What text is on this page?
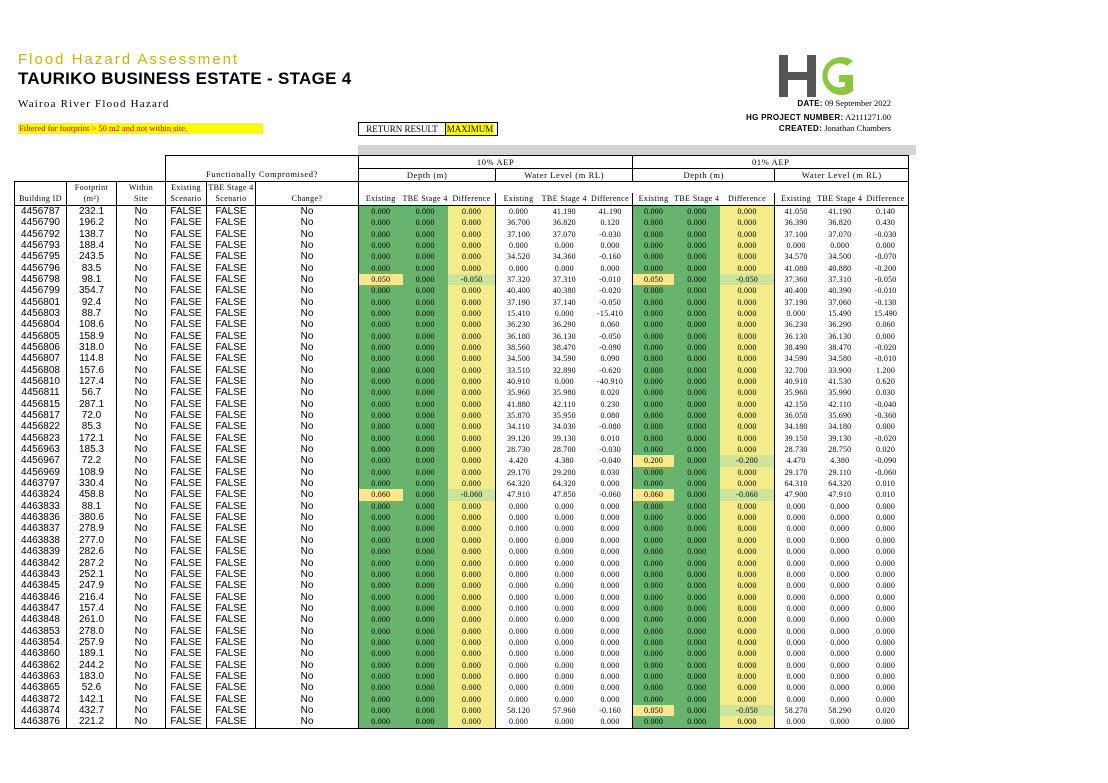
Flood Hazard Assessment
TAURIKO BUSINESS ESTATE - STAGE 4
Wairoa River Flood Hazard
Filtered for footprint > 50 m2 and not within site.	RETURN RESULT MAXIMUM
DATE: 09 September 2022
HG PROJECT NUMBER: A2111271.00
CREATED: Jonathan Chambers
						10% AEP						01% AEP					
			Functionally Compromised?			Depth (m)			Water Level (m RL)			Depth (m)			Water Level (m RL)		
	Footprint	Within	Existing	TBE Stage 4													
Building ID	(m²)	Site	Scenario	Scenario	Change?	Existing	TBE Stage 4	Difference	Existing	TBE Stage 4	Difference	Existing	TBE Stage 4	Difference	Existing	TBE Stage 4	Difference
4456787	232.1	No	FALSE	FALSE	No	0.000	0.000	0.000	0.000	41.190	41.190	0.000	0.000	0.000	41.050	41.190	0.140
4456790	196.2	No	FALSE	FALSE	No	0.000	0.000	0.000	36.700	36.820	0.120	0.000	0.000	0.000	36.390	36.820	0.430
4456792	138.7	No	FALSE	FALSE	No	0.000	0.000	0.000	37.100	37.070	-0.030	0.000	0.000	0.000	37.100	37.070	-0.030
4456793	188.4	No	FALSE	FALSE	No	0.000	0.000	0.000	0.000	0.000	0.000	0.000	0.000	0.000	0.000	0.000	0.000
4456795	243.5	No	FALSE	FALSE	No	0.000	0.000	0.000	34.520	34.360	-0.160	0.000	0.000	0.000	34.570	34.500	-0.070
4456796	83.5	No	FALSE	FALSE	No	0.000	0.000	0.000	0.000	0.000	0.000	0.000	0.000	0.000	41.080	40.880	-0.200
4456798	98.1	No	FALSE	FALSE	No	0.050	0.000	-0.050	37.320	37.310	-0.010	0.050	0.000	-0.050	37.360	37.310	-0.050
4456799	354.7	No	FALSE	FALSE	No	0.000	0.000	0.000	40.400	40.380	-0.020	0.000	0.000	0.000	40.400	40.390	-0.010
4456801	92.4	No	FALSE	FALSE	No	0.000	0.000	0.000	37.190	37.140	-0.050	0.000	0.000	0.000	37.190	37.060	-0.130
4456803	88.7	No	FALSE	FALSE	No	0.000	0.000	0.000	15.410	0.000	-15.410	0.000	0.000	0.000	0.000	15.490	15.490
4456804	108.6	No	FALSE	FALSE	No	0.000	0.000	0.000	36.230	36.290	0.060	0.000	0.000	0.000	36.230	36.290	0.060
4456805	158.9	No	FALSE	FALSE	No	0.000	0.000	0.000	36.180	36.130	-0.050	0.000	0.000	0.000	36.130	36.130	0.000
4456806	318.0	No	FALSE	FALSE	No	0.000	0.000	0.000	38.560	38.470	-0.090	0.000	0.000	0.000	38.490	38.470	-0.020
4456807	114.8	No	FALSE	FALSE	No	0.000	0.000	0.000	34.500	34.590	0.090	0.000	0.000	0.000	34.590	34.580	-0.010
4456808	157.6	No	FALSE	FALSE	No	0.000	0.000	0.000	33.510	32.890	-0.620	0.000	0.000	0.000	32.700	33.900	1.200
4456810	127.4	No	FALSE	FALSE	No	0.000	0.000	0.000	40.910	0.000	-40.910	0.000	0.000	0.000	40.910	41.530	0.620
4456811	56.7	No	FALSE	FALSE	No	0.000	0.000	0.000	35.960	35.980	0.020	0.000	0.000	0.000	35.960	35.990	0.030
4456815	287.1	No	FALSE	FALSE	No	0.000	0.000	0.000	41.880	42.110	0.230	0.000	0.000	0.000	42.150	42.110	-0.040
4456817	72.0	No	FALSE	FALSE	No	0.000	0.000	0.000	35.870	35.950	0.080	0.000	0.000	0.000	36.050	35.690	-0.360
4456822	85.3	No	FALSE	FALSE	No	0.000	0.000	0.000	34.110	34.030	-0.080	0.000	0.000	0.000	34.180	34.180	0.000
4456823	172.1	No	FALSE	FALSE	No	0.000	0.000	0.000	39.120	39.130	0.010	0.000	0.000	0.000	39.150	39.130	-0.020
4456963	185.3	No	FALSE	FALSE	No	0.000	0.000	0.000	28.730	28.700	-0.030	0.000	0.000	0.000	28.730	28.750	0.020
4456967	72.2	No	FALSE	FALSE	No	0.000	0.000	0.000	4.420	4.380	-0.040	0.200	0.000	-0.200	4.470	4.380	-0.090
4456969	108.9	No	FALSE	FALSE	No	0.000	0.000	0.000	29.170	29.200	0.030	0.000	0.000	0.000	29.170	29.110	-0.060
4463797	330.4	No	FALSE	FALSE	No	0.000	0.000	0.000	64.320	64.320	0.000	0.000	0.000	0.000	64.310	64.320	0.010
4463824	458.8	No	FALSE	FALSE	No	0.060	0.000	-0.060	47.910	47.850	-0.060	0.060	0.000	-0.060	47.900	47.910	0.010
4463833	88.1	No	FALSE	FALSE	No	0.000	0.000	0.000	0.000	0.000	0.000	0.000	0.000	0.000	0.000	0.000	0.000
4463836	380.6	No	FALSE	FALSE	No	0.000	0.000	0.000	0.000	0.000	0.000	0.000	0.000	0.000	0.000	0.000	0.000
4463837	278.9	No	FALSE	FALSE	No	0.000	0.000	0.000	0.000	0.000	0.000	0.000	0.000	0.000	0.000	0.000	0.000
4463838	277.0	No	FALSE	FALSE	No	0.000	0.000	0.000	0.000	0.000	0.000	0.000	0.000	0.000	0.000	0.000	0.000
4463839	282.6	No	FALSE	FALSE	No	0.000	0.000	0.000	0.000	0.000	0.000	0.000	0.000	0.000	0.000	0.000	0.000
4463842	287.2	No	FALSE	FALSE	No	0.000	0.000	0.000	0.000	0.000	0.000	0.000	0.000	0.000	0.000	0.000	0.000
4463843	252.1	No	FALSE	FALSE	No	0.000	0.000	0.000	0.000	0.000	0.000	0.000	0.000	0.000	0.000	0.000	0.000
4463845	247.9	No	FALSE	FALSE	No	0.000	0.000	0.000	0.000	0.000	0.000	0.000	0.000	0.000	0.000	0.000	0.000
4463846	216.4	No	FALSE	FALSE	No	0.000	0.000	0.000	0.000	0.000	0.000	0.000	0.000	0.000	0.000	0.000	0.000
4463847	157.4	No	FALSE	FALSE	No	0.000	0.000	0.000	0.000	0.000	0.000	0.000	0.000	0.000	0.000	0.000	0.000
4463848	261.0	No	FALSE	FALSE	No	0.000	0.000	0.000	0.000	0.000	0.000	0.000	0.000	0.000	0.000	0.000	0.000
4463853	278.0	No	FALSE	FALSE	No	0.000	0.000	0.000	0.000	0.000	0.000	0.000	0.000	0.000	0.000	0.000	0.000
4463854	257.9	No	FALSE	FALSE	No	0.000	0.000	0.000	0.000	0.000	0.000	0.000	0.000	0.000	0.000	0.000	0.000
4463860	189.1	No	FALSE	FALSE	No	0.000	0.000	0.000	0.000	0.000	0.000	0.000	0.000	0.000	0.000	0.000	0.000
4463862	244.2	No	FALSE	FALSE	No	0.000	0.000	0.000	0.000	0.000	0.000	0.000	0.000	0.000	0.000	0.000	0.000
4463863	183.0	No	FALSE	FALSE	No	0.000	0.000	0.000	0.000	0.000	0.000	0.000	0.000	0.000	0.000	0.000	0.000
4463865	52.6	No	FALSE	FALSE	No	0.000	0.000	0.000	0.000	0.000	0.000	0.000	0.000	0.000	0.000	0.000	0.000
4463872	142.1	No	FALSE	FALSE	No	0.000	0.000	0.000	0.000	0.000	0.000	0.000	0.000	0.000	0.000	0.000	0.000
4463874	432.7	No	FALSE	FALSE	No	0.000	0.000	0.000	58.120	57.960	-0.160	0.050	0.000	-0.050	58.270	58.290	0.020
4463876	221.2	No	FALSE	FALSE	No	0.000	0.000	0.000	0.000	0.000	0.000	0.000	0.000	0.000	0.000	0.000	0.000
